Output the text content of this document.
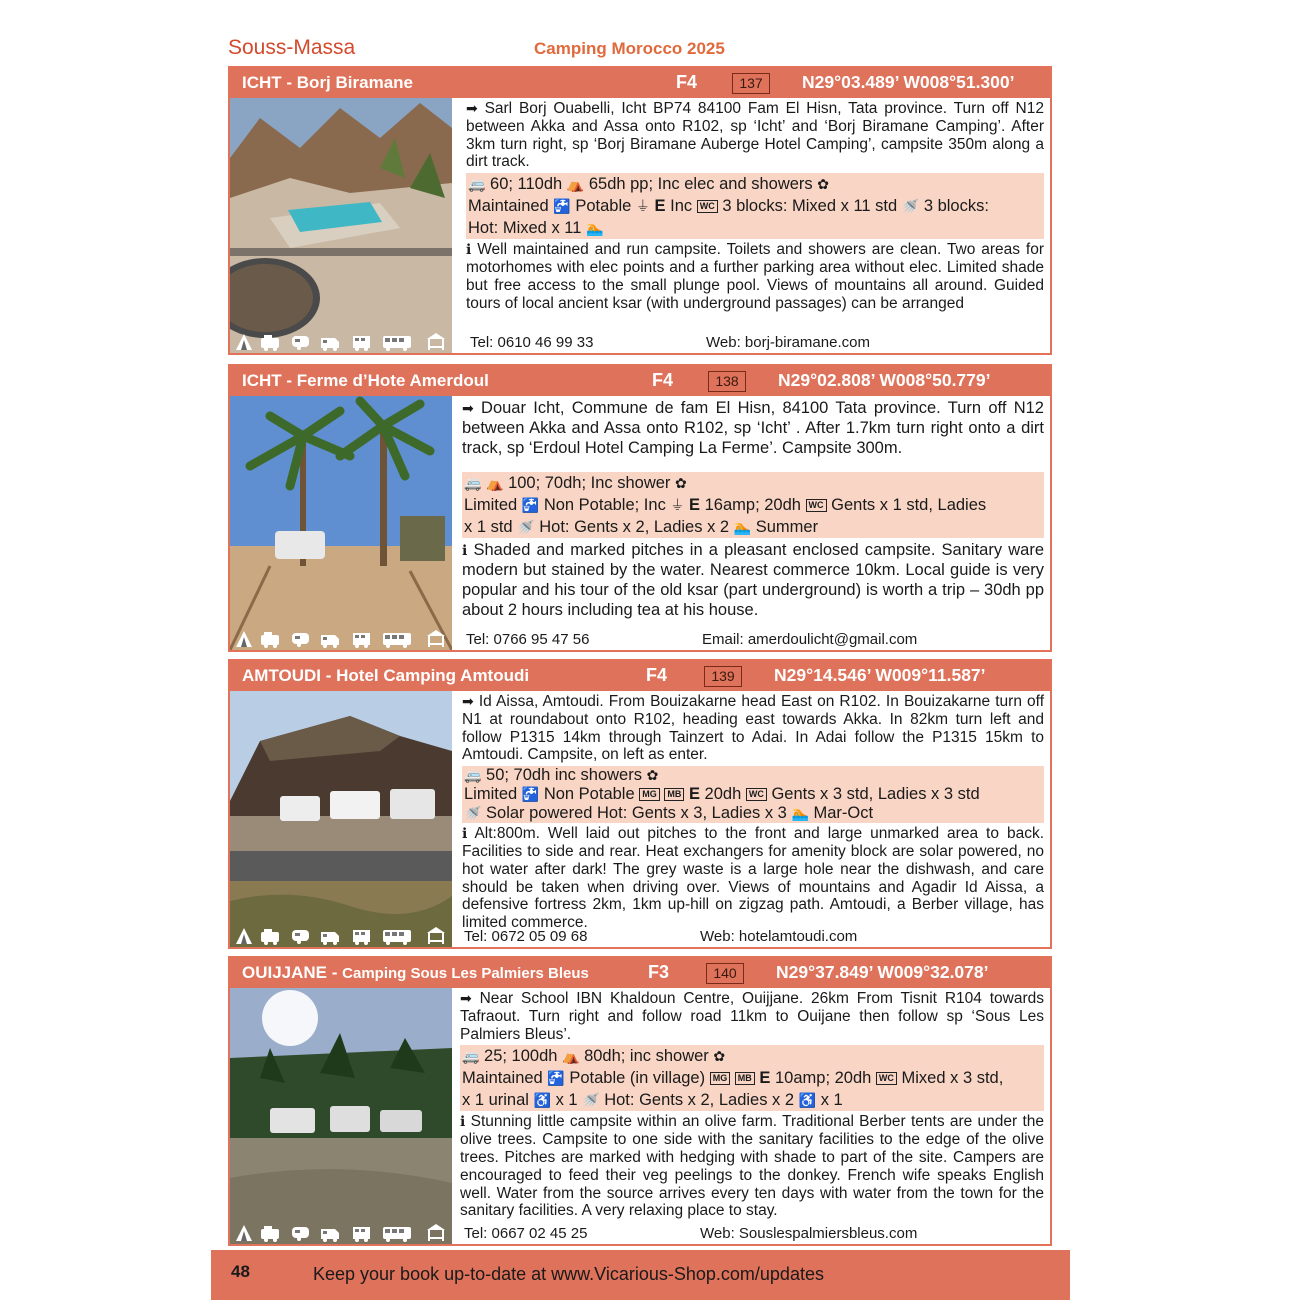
Souss-Massa	Camping Morocco 2025
ICHT - Borj Biramane	F4	137	N29°03.489’ W008°51.300’

➡ Sarl Borj Ouabelli, Icht BP74 84100 Fam El Hisn, Tata province. Turn off N12 between Akka and Assa onto R102, sp ‘Icht’ and ‘Borj Biramane Camping’. After 3km turn right, sp ‘Borj Biramane Auberge Hotel Camping’, campsite 350m along a dirt track.

🚐 60; 110dh ⛺ 65dh pp; Inc elec and showers ✿
Maintained 🚰 Potable ⏚ E Inc WC 3 blocks: Mixed x 11 std 🚿 3 blocks:
Hot: Mixed x 11 🏊

ℹ Well maintained and run campsite. Toilets and showers are clean. Two areas for motorhomes with elec points and a further parking area without elec. Limited shade but free access to the small plunge pool. Views of mountains all around. Guided tours of local ancient ksar (with underground passages) can be arranged

Tel: 0610 46 99 33	Web: borj-biramane.com
ICHT - Ferme d’Hote Amerdoul	F4	138	N29°02.808’ W008°50.779’

➡ Douar Icht, Commune de fam El Hisn, 84100 Tata province. Turn off N12 between Akka and Assa onto R102, sp ‘Icht’ . After 1.7km turn right onto a dirt track, sp ‘Erdoul Hotel Camping La Ferme’. Campsite 300m.

🚐 ⛺ 100; 70dh; Inc shower ✿
Limited 🚰 Non Potable; Inc ⏚ E 16amp; 20dh WC Gents x 1 std, Ladies
x 1 std 🚿 Hot: Gents x 2, Ladies x 2 🏊 Summer

ℹ Shaded and marked pitches in a pleasant enclosed campsite. Sanitary ware modern but stained by the water. Nearest commerce 10km. Local guide is very popular and his tour of the old ksar (part underground) is worth a trip – 30dh pp about 2 hours including tea at his house.

Tel: 0766 95 47 56	Email: amerdoulicht@gmail.com
AMTOUDI - Hotel Camping Amtoudi	F4	139	N29°14.546’ W009°11.587’

➡ Id Aissa, Amtoudi. From Bouizakarne head East on R102. In Bouizakarne turn off N1 at roundabout onto R102, heading east towards Akka. In 82km turn left and follow P1315 14km through Tainzert to Adai. In Adai follow the P1315 15km to Amtoudi. Campsite, on left as enter.

🚐 50; 70dh inc showers ✿
Limited 🚰 Non Potable MG MB E 20dh WC Gents x 3 std, Ladies x 3 std
🚿 Solar powered Hot: Gents x 3, Ladies x 3 🏊 Mar-Oct

ℹ Alt:800m. Well laid out pitches to the front and large unmarked area to back. Facilities to side and rear. Heat exchangers for amenity block are solar powered, no hot water after dark! The grey waste is a large hole near the dishwash, and care should be taken when driving over. Views of mountains and Agadir Id Aissa, a defensive fortress 2km, 1km up-hill on zigzag path. Amtoudi, a Berber village, has limited commerce.

Tel: 0672 05 09 68	Web: hotelamtoudi.com
OUIJJANE - Camping Sous Les Palmiers Bleus	F3	140	N29°37.849’ W009°32.078’

➡ Near School IBN Khaldoun Centre, Ouijjane. 26km From Tisnit R104 towards Tafraout. Turn right and follow road 11km to Ouijane then follow sp ‘Sous Les Palmiers Bleus’.

🚐 25; 100dh ⛺ 80dh; inc shower ✿
Maintained 🚰 Potable (in village) MG MB E 10amp; 20dh WC Mixed x 3 std,
x 1 urinal ♿ x 1 🚿 Hot: Gents x 2, Ladies x 2 ♿ x 1

ℹ Stunning little campsite within an olive farm. Traditional Berber tents are under the olive trees. Campsite to one side with the sanitary facilities to the edge of the olive trees. Pitches are marked with hedging with shade to part of the site. Campers are encouraged to feed their veg peelings to the donkey. French wife speaks English well. Water from the source arrives every ten days with water from the town for the sanitary facilities. A very relaxing place to stay.

Tel: 0667 02 45 25	Web: Souslespalmiersbleus.com
48	Keep your book up-to-date at www.Vicarious-Shop.com/updates
